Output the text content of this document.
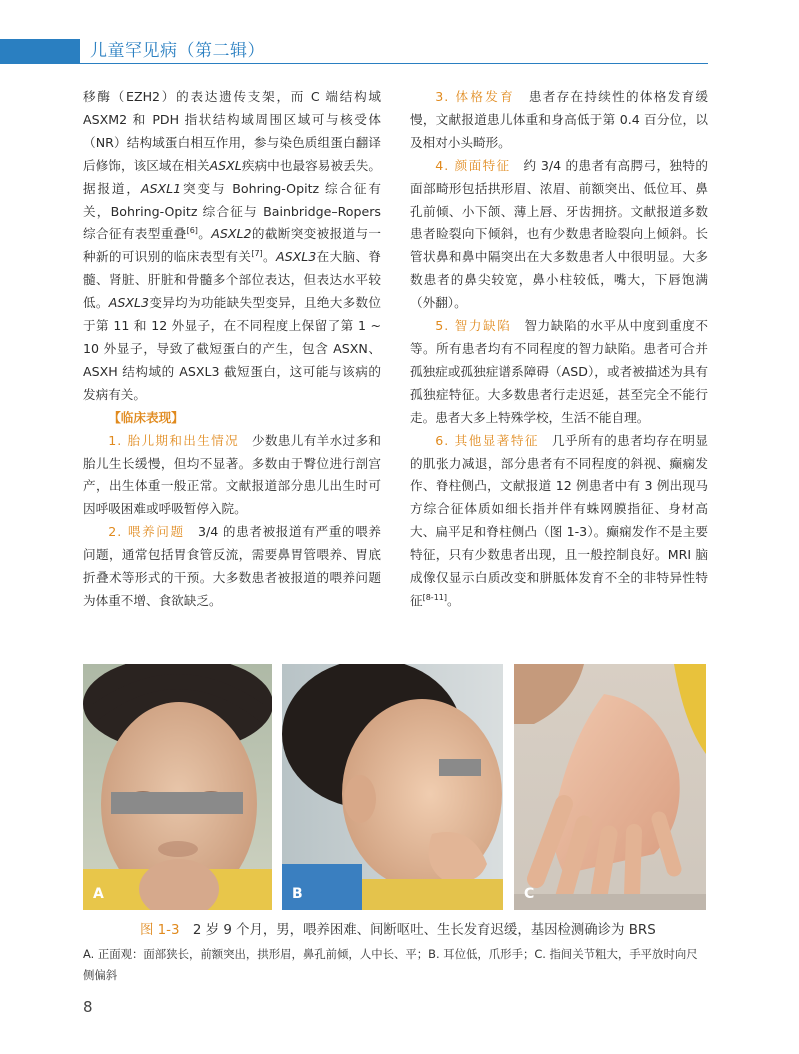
儿童罕见病（第二辑）

移酶（EZH2）的表达遗传支架，而 C 端结构域 ASXM2 和 PDH 指状结构域周围区域可与核受体（NR）结构域蛋白相互作用，参与染色质组蛋白翻译后修饰，该区域在相关ASXL疾病中也最容易被丢失。据报道，ASXL1突变与 Bohring-Opitz 综合征有关，Bohring-Opitz 综合征与 Bainbridge–Ropers 综合征有表型重叠[6]。ASXL2的截断突变被报道与一种新的可识别的临床表型有关[7]。ASXL3在大脑、脊髓、肾脏、肝脏和骨髓多个部位表达，但表达水平较低。ASXL3变异均为功能缺失型变异，且绝大多数位于第 11 和 12 外显子，在不同程度上保留了第 1 ~ 10 外显子，导致了截短蛋白的产生，包含 ASXN、ASXH 结构域的 ASXL3 截短蛋白，这可能与该病的发病有关。

【临床表现】

1. 胎儿期和出生情况　 少数患儿有羊水过多和胎儿生长缓慢，但均不显著。多数由于臀位进行剖宫产，出生体重一般正常。文献报道部分患儿出生时可因呼吸困难或呼吸暂停入院。

2. 喂养问题　 3/4 的患者被报道有严重的喂养问题，通常包括胃食管反流，需要鼻胃管喂养、胃底折叠术等形式的干预。大多数患者被报道的喂养问题为体重不增、食欲缺乏。

3. 体格发育　 患者存在持续性的体格发育缓慢，文献报道患儿体重和身高低于第 0.4 百分位，以及相对小头畸形。

4. 颜面特征　 约 3/4 的患者有高腭弓，独特的面部畸形包括拱形眉、浓眉、前额突出、低位耳、鼻孔前倾、小下颌、薄上唇、牙齿拥挤。文献报道多数患者睑裂向下倾斜，也有少数患者睑裂向上倾斜。长管状鼻和鼻中隔突出在大多数患者人中很明显。大多数患者的鼻尖较宽，鼻小柱较低，嘴大，下唇饱满（外翻）。

5. 智力缺陷　 智力缺陷的水平从中度到重度不等。所有患者均有不同程度的智力缺陷。患者可合并孤独症或孤独症谱系障碍（ASD），或者被描述为具有孤独症特征。大多数患者行走迟延，甚至完全不能行走。患者大多上特殊学校，生活不能自理。

6. 其他显著特征　 几乎所有的患者均存在明显的肌张力减退，部分患者有不同程度的斜视、癫痫发作、脊柱侧凸，文献报道 12 例患者中有 3 例出现马方综合征体质如细长指并伴有蛛网膜指征、身材高大、扁平足和脊柱侧凸（图 1-3）。癫痫发作不是主要特征，只有少数患者出现，且一般控制良好。MRI 脑成像仅显示白质改变和胼胝体发育不全的非特异性特征[8-11]。

A	B	C
图 1-3　 2 岁 9 个月，男，喂养困难、间断呕吐、生长发育迟缓，基因检测确诊为 BRS
A. 正面观：面部狭长，前额突出，拱形眉，鼻孔前倾，人中长、平；B. 耳位低，爪形手；C. 指间关节粗大，手平放时向尺侧偏斜
8
